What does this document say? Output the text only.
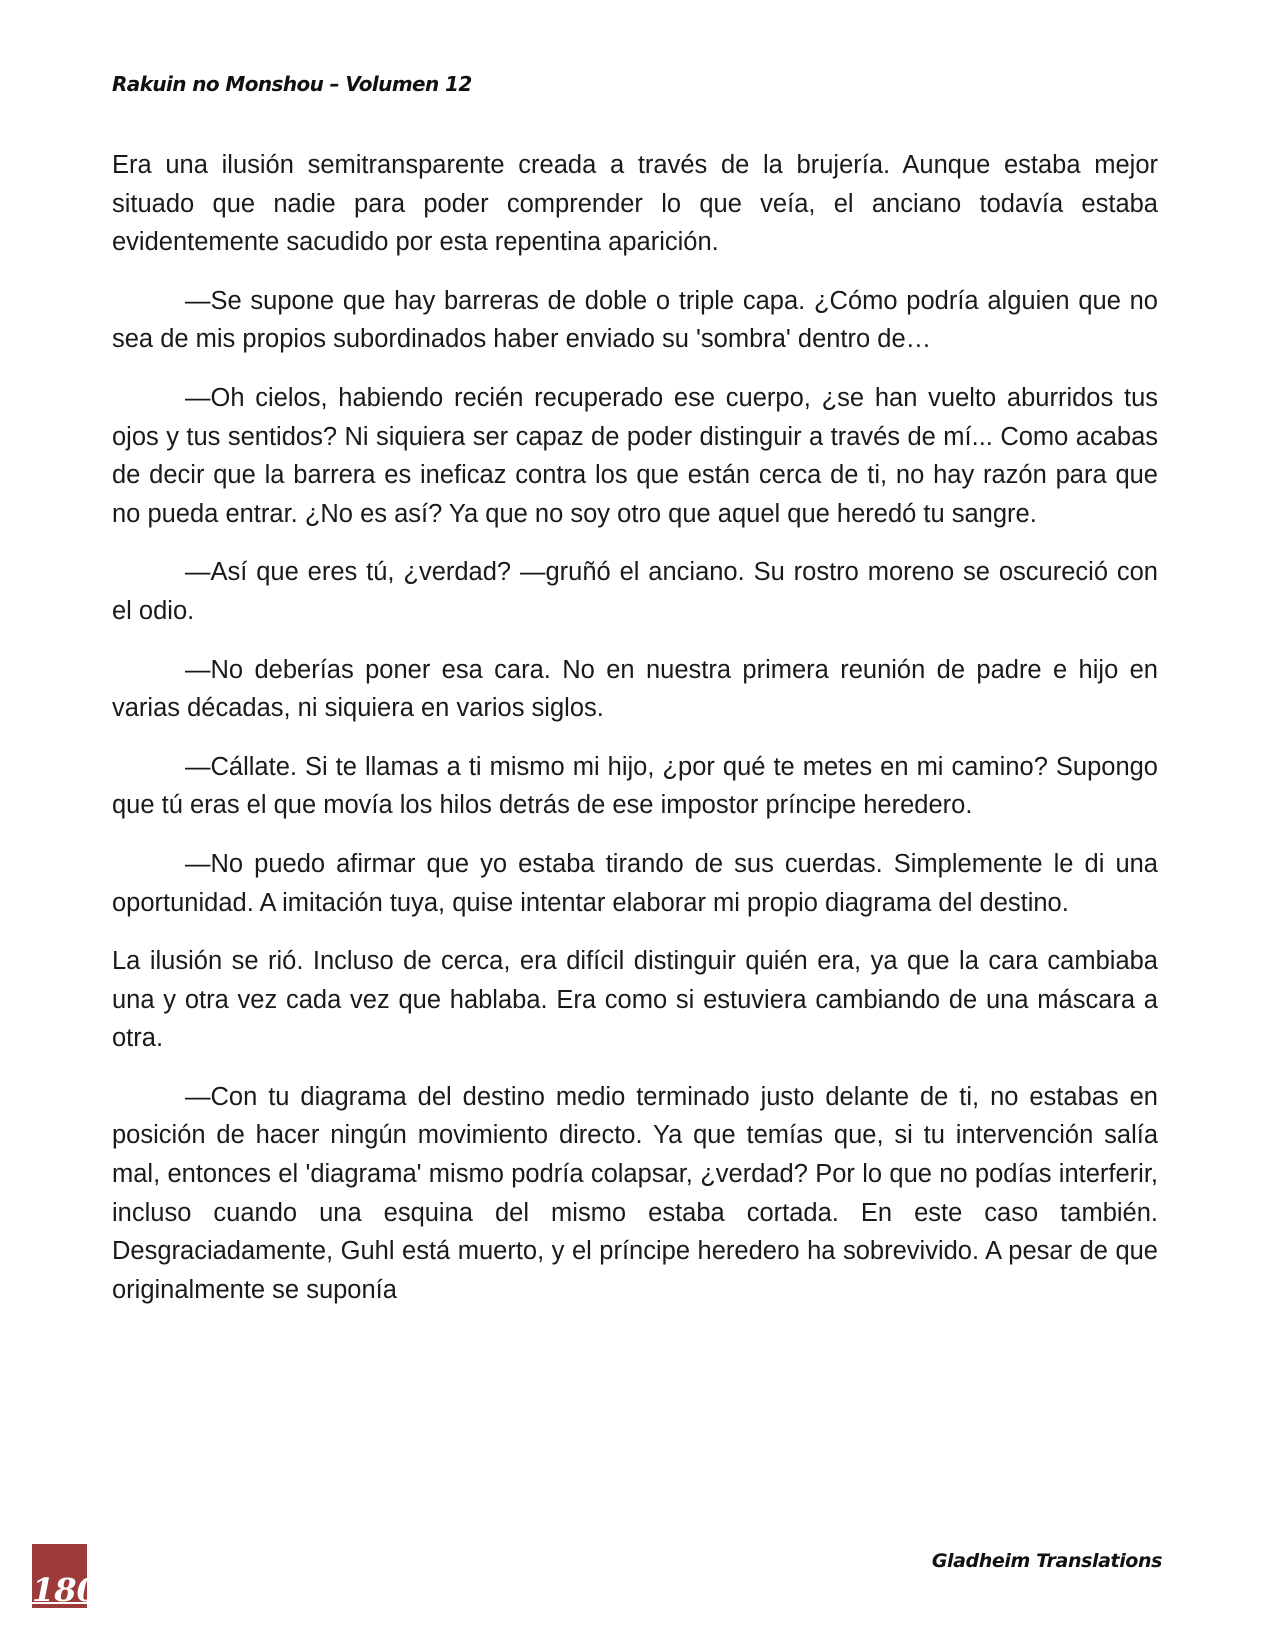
Rakuin no Monshou – Volumen 12

Era una ilusión semitransparente creada a través de la brujería. Aunque estaba mejor situado que nadie para poder comprender lo que veía, el anciano todavía estaba evidentemente sacudido por esta repentina aparición.

—Se supone que hay barreras de doble o triple capa. ¿Cómo podría alguien que no sea de mis propios subordinados haber enviado su 'sombra' dentro de…

—Oh cielos, habiendo recién recuperado ese cuerpo, ¿se han vuelto aburridos tus ojos y tus sentidos? Ni siquiera ser capaz de poder distinguir a través de mí... Como acabas de decir que la barrera es ineficaz contra los que están cerca de ti, no hay razón para que no pueda entrar. ¿No es así? Ya que no soy otro que aquel que heredó tu sangre.

—Así que eres tú, ¿verdad? —gruñó el anciano. Su rostro moreno se oscureció con el odio.

—No deberías poner esa cara. No en nuestra primera reunión de padre e hijo en varias décadas, ni siquiera en varios siglos.

—Cállate. Si te llamas a ti mismo mi hijo, ¿por qué te metes en mi camino? Supongo que tú eras el que movía los hilos detrás de ese impostor príncipe heredero.

—No puedo afirmar que yo estaba tirando de sus cuerdas. Simplemente le di una oportunidad. A imitación tuya, quise intentar elaborar mi propio diagrama del destino.

La ilusión se rió. Incluso de cerca, era difícil distinguir quién era, ya que la cara cambiaba una y otra vez cada vez que hablaba. Era como si estuviera cambiando de una máscara a otra.

—Con tu diagrama del destino medio terminado justo delante de ti, no estabas en posición de hacer ningún movimiento directo. Ya que temías que, si tu intervención salía mal, entonces el 'diagrama' mismo podría colapsar, ¿verdad? Por lo que no podías interferir, incluso cuando una esquina del mismo estaba cortada. En este caso también. Desgraciadamente, Guhl está muerto, y el príncipe heredero ha sobrevivido. A pesar de que originalmente se suponía

180
Gladheim Translations
